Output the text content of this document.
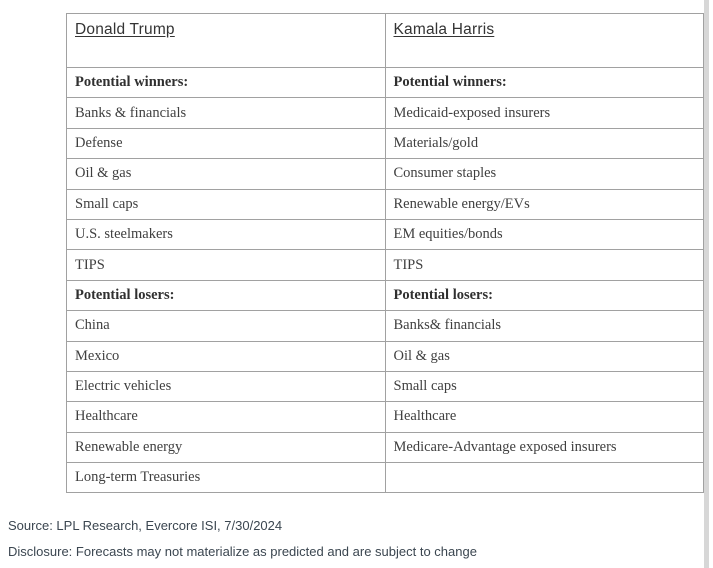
Donald Trump	Kamala Harris
Potential winners:	Potential winners:
Banks & financials	Medicaid-exposed insurers
Defense	Materials/gold
Oil & gas	Consumer staples
Small caps	Renewable energy/EVs
U.S. steelmakers	EM equities/bonds
TIPS	TIPS
Potential losers:	Potential losers:
China	Banks& financials
Mexico	Oil & gas
Electric vehicles	Small caps
Healthcare	Healthcare
Renewable energy	Medicare-Advantage exposed insurers
Long-term Treasuries	
Source: LPL Research, Evercore ISI, 7/30/2024
Disclosure: Forecasts may not materialize as predicted and are subject to change
